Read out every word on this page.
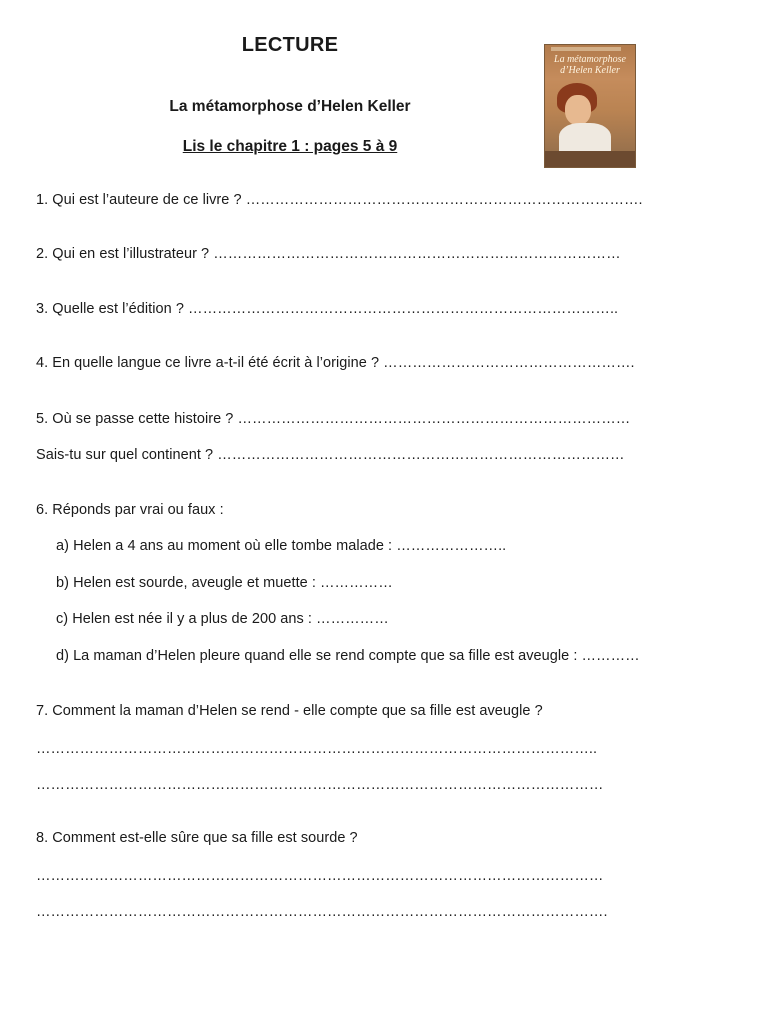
LECTURE
La métamorphose d’Helen Keller
Lis le chapitre 1 : pages 5 à 9
La métamorphose d’Helen Keller
1. Qui est l’auteure de ce livre ? ……………………………………………………………………….
2. Qui en est l’illustrateur ? …………………………………………………………………………
3. Quelle est l’édition ? ……………………………………………………………………………..
4. En quelle langue ce livre a-t-il été écrit à l’origine ? …………………………………………….
5. Où se passe cette histoire ? ………………………………………………………………………
Sais-tu sur quel continent ? …………………………………………………………………………
6. Réponds par vrai ou faux :
a) Helen a 4 ans au moment où elle tombe malade : …………………..
b) Helen est sourde, aveugle et muette : ……………
c) Helen est née il y a plus de 200 ans : ……………
d) La maman d’Helen pleure quand elle se rend compte que sa fille est aveugle : …………
7. Comment la maman d’Helen se rend - elle compte que sa fille est aveugle ?
……………………………………………………………………………………………………..
………………………………………………………………………………………………………
8. Comment est-elle sûre que sa fille est sourde ?
………………………………………………………………………………………………………
……………………………………………………………………………………………………….
